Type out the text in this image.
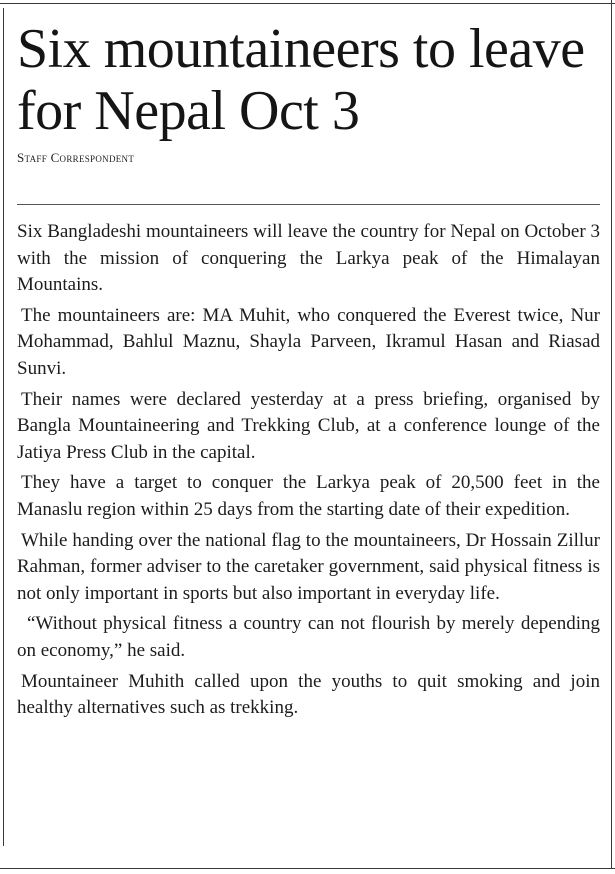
Six mountaineers to leave for Nepal Oct 3
Staff Correspondent

Six Bangladeshi mountaineers will leave the country for Nepal on October 3 with the mission of conquering the Larkya peak of the Himalayan Mountains.

The mountaineers are: MA Muhit, who conquered the Everest twice, Nur Mohammad, Bahlul Maznu, Shayla Parveen, Ikramul Hasan and Riasad Sunvi.

Their names were declared yesterday at a press briefing, organised by Bangla Mountaineering and Trekking Club, at a conference lounge of the Jatiya Press Club in the capital.

They have a target to conquer the Larkya peak of 20,500 feet in the Manaslu region within 25 days from the starting date of their expedition.

While handing over the national flag to the mountaineers, Dr Hossain Zillur Rahman, former adviser to the caretaker government, said physical fitness is not only important in sports but also important in everyday life.

“Without physical fitness a country can not flourish by merely depending on economy,” he said.

Mountaineer Muhith called upon the youths to quit smoking and join healthy alternatives such as trekking.
